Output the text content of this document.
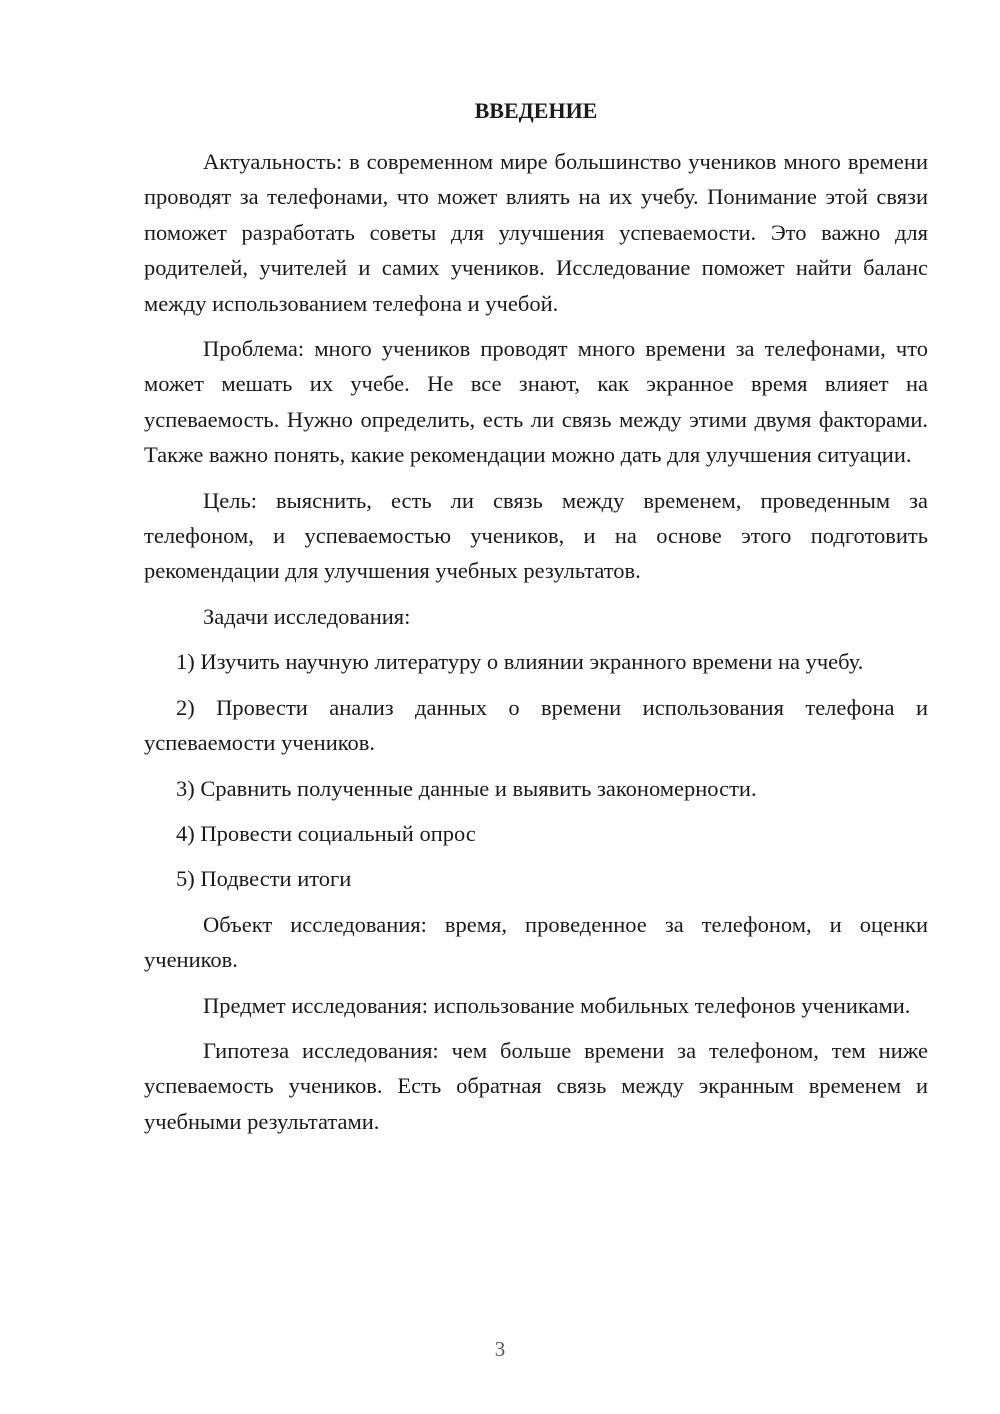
ВВЕДЕНИЕ

Актуальность: в современном мире большинство учеников много времени проводят за телефонами, что может влиять на их учебу. Понимание этой связи поможет разработать советы для улучшения успеваемости. Это важно для родителей, учителей и самих учеников. Исследование поможет найти баланс между использованием телефона и учебой.

Проблема: много учеников проводят много времени за телефонами, что может мешать их учебе. Не все знают, как экранное время влияет на успеваемость. Нужно определить, есть ли связь между этими двумя факторами. Также важно понять, какие рекомендации можно дать для улучшения ситуации.

Цель: выяснить, есть ли связь между временем, проведенным за телефоном, и успеваемостью учеников, и на основе этого подготовить рекомендации для улучшения учебных результатов.

Задачи исследования:

1) Изучить научную литературу о влиянии экранного времени на учебу.

2) Провести анализ данных о времени использования телефона и успеваемости учеников.

3) Сравнить полученные данные и выявить закономерности.

4) Провести социальный опрос

5) Подвести итоги

Объект исследования: время, проведенное за телефоном, и оценки учеников.

Предмет исследования: использование мобильных телефонов учениками.

Гипотеза исследования: чем больше времени за телефоном, тем ниже успеваемость учеников. Есть обратная связь между экранным временем и учебными результатами.

3
